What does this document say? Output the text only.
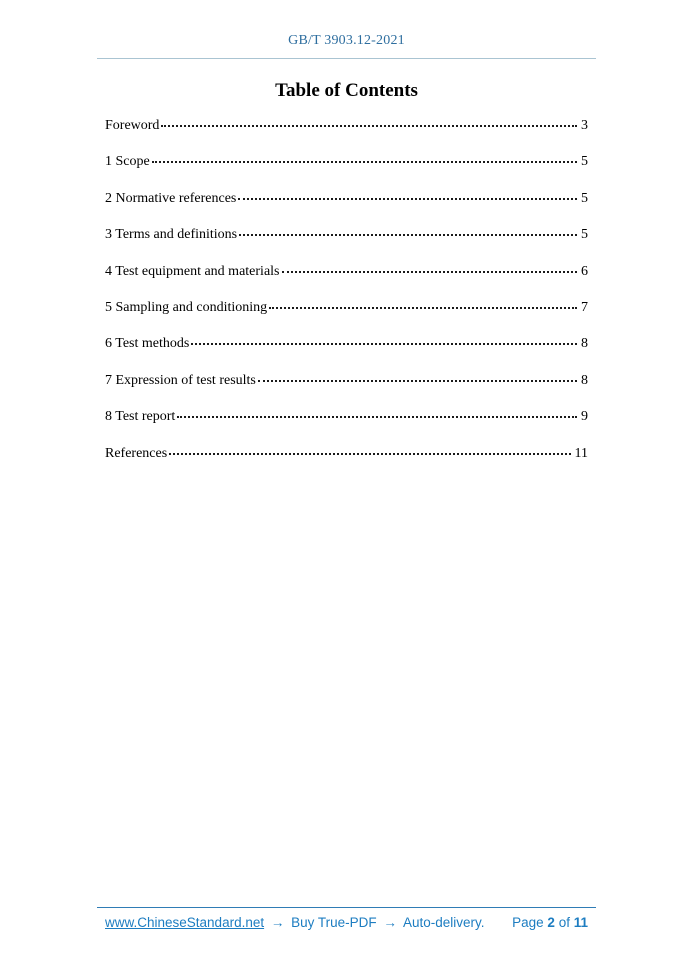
GB/T 3903.12-2021
Table of Contents
Foreword	3
1 Scope	5
2 Normative references	5
3 Terms and definitions	5
4 Test equipment and materials	6
5 Sampling and conditioning	7
6 Test methods	8
7 Expression of test results	8
8 Test report	9
References	11
www.ChineseStandard.net → Buy True-PDF → Auto-delivery. Page 2 of 11
